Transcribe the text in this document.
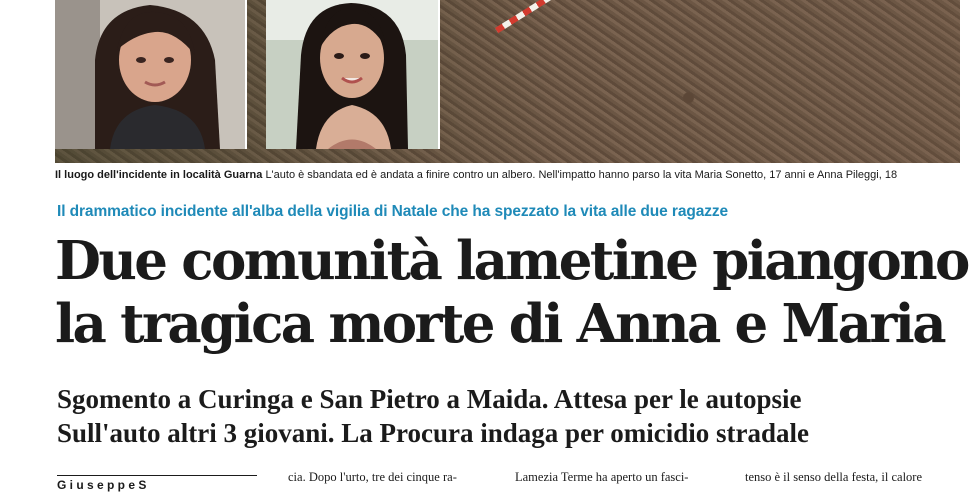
Il luogo dell'incidente in località Guarna L'auto è sbandata ed è andata a finire contro un albero. Nell'impatto hanno parso la vita Maria Sonetto, 17 anni e Anna Pileggi, 18
Il drammatico incidente all'alba della vigilia di Natale che ha spezzato la vita alle due ragazze
Due comunità lametine piangono
la tragica morte di Anna e Maria
Sgomento a Curinga e San Pietro a Maida. Attesa per le autopsie
Sull'auto altri 3 giovani. La Procura indaga per omicidio stradale
G i u s e p p e S
cia. Dopo l'urto, tre dei cinque ra-	Lamezia Terme ha aperto un fasci-	tenso è il senso della festa, il calore
